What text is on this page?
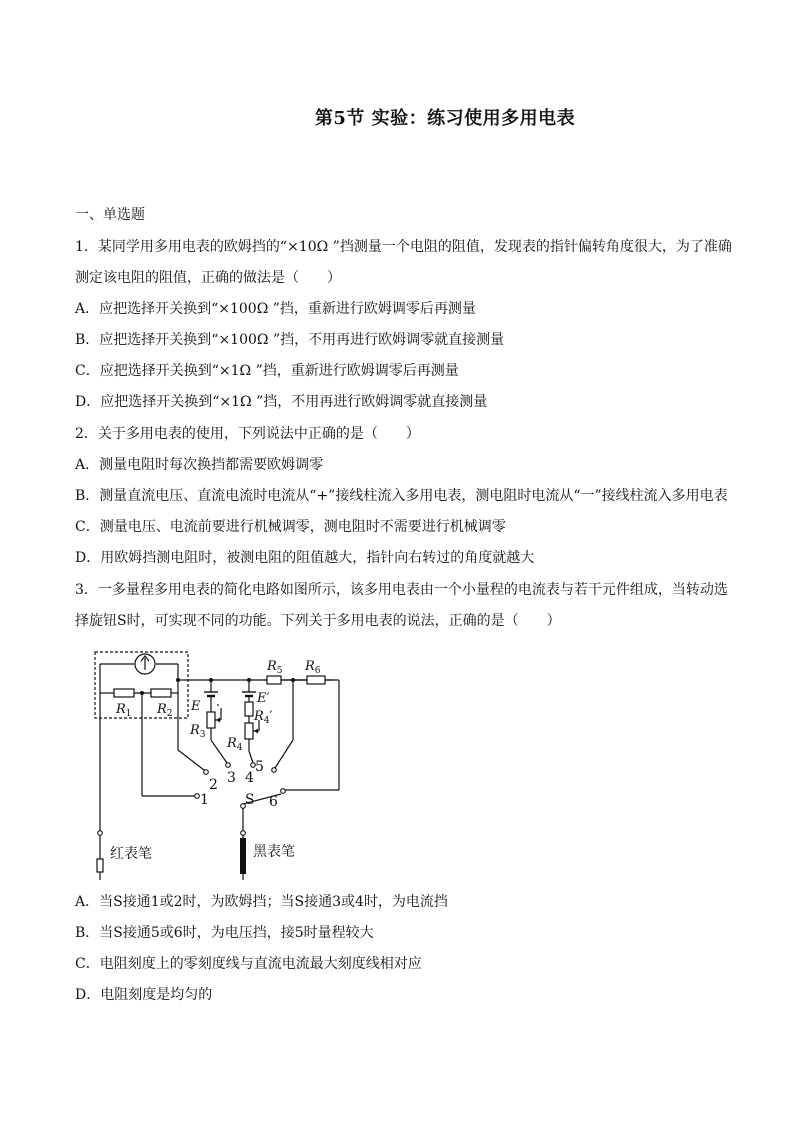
第5节 实验：练习使用多用电表
一、单选题
1．某同学用多用电表的欧姆挡的“×10Ω ”挡测量一个电阻的阻值，发现表的指针偏转角度很大，为了准确
测定该电阻的阻值，正确的做法是（　　）
A．应把选择开关换到“×100Ω ”挡，重新进行欧姆调零后再测量
B．应把选择开关换到“×100Ω ”挡，不用再进行欧姆调零就直接测量
C．应把选择开关换到“×1Ω ”挡，重新进行欧姆调零后再测量
D．应把选择开关换到“×1Ω ”挡，不用再进行欧姆调零就直接测量
2．关于多用电表的使用，下列说法中正确的是（　　）
A．测量电阻时每次换挡都需要欧姆调零
B．测量直流电压、直流电流时电流从“+”接线柱流入多用电表，测电阻时电流从“一”接线柱流入多用电表
C．测量电压、电流前要进行机械调零，测电阻时不需要进行机械调零
D．用欧姆挡测电阻时，被测电阻的阻值越大，指针向右转过的角度就越大
3．一多量程多用电表的简化电路如图所示，该多用电表由一个小量程的电流表与若干元件组成，当转动选
择旋钮S时，可实现不同的功能。下列关于多用电表的说法，正确的是（　　）
$R_1$ $R_2$
$R_3$
E
E′
$R_4'$
$R_4$
$R_5$ $R_6$
1
2 3 4
5
6
S
红表笔	黑表笔
A．当S接通1或2时，为欧姆挡；当S接通3或4时，为电流挡
B．当S接通5或6时，为电压挡，接5时量程较大
C．电阻刻度上的零刻度线与直流电流最大刻度线相对应
D．电阻刻度是均匀的
